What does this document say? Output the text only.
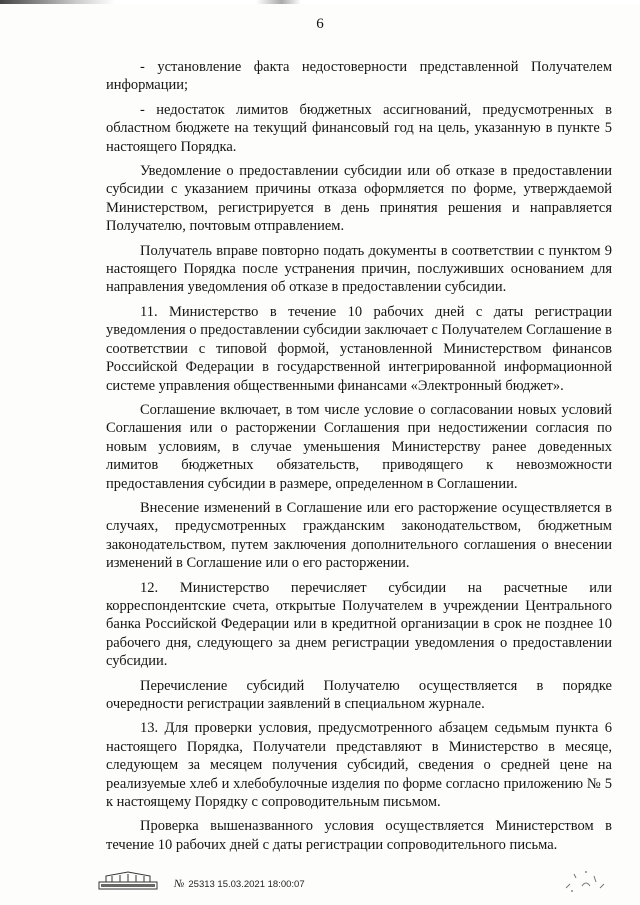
6

- установление факта недостоверности представленной Получателем информации;

- недостаток лимитов бюджетных ассигнований, предусмотренных в областном бюджете на текущий финансовый год на цель, указанную в пункте 5 настоящего Порядка.

Уведомление о предоставлении субсидии или об отказе в предоставлении субсидии с указанием причины отказа оформляется по форме, утверждаемой Министерством, регистрируется в день принятия решения и направляется Получателю, почтовым отправлением.

Получатель вправе повторно подать документы в соответствии с пунктом 9 настоящего Порядка после устранения причин, послуживших основанием для направления уведомления об отказе в предоставлении субсидии.

11. Министерство в течение 10 рабочих дней с даты регистрации уведомления о предоставлении субсидии заключает с Получателем Соглашение в соответствии с типовой формой, установленной Министерством финансов Российской Федерации в государственной интегрированной информационной системе управления общественными финансами «Электронный бюджет».

Соглашение включает, в том числе условие о согласовании новых условий Соглашения или о расторжении Соглашения при недостижении согласия по новым условиям, в случае уменьшения Министерству ранее доведенных лимитов бюджетных обязательств, приводящего к невозможности предоставления субсидии в размере, определенном в Соглашении.

Внесение изменений в Соглашение или его расторжение осуществляется в случаях, предусмотренных гражданским законодательством, бюджетным законодательством, путем заключения дополнительного соглашения о внесении изменений в Соглашение или о его расторжении.

12. Министерство перечисляет субсидии на расчетные или корреспондентские счета, открытые Получателем в учреждении Центрального банка Российской Федерации или в кредитной организации в срок не позднее 10 рабочего дня, следующего за днем регистрации уведомления о предоставлении субсидии.

Перечисление субсидий Получателю осуществляется в порядке очередности регистрации заявлений в специальном журнале.

13. Для проверки условия, предусмотренного абзацем седьмым пункта 6 настоящего Порядка, Получатели представляют в Министерство в месяце, следующем за месяцем получения субсидий, сведения о средней цене на реализуемые хлеб и хлебобулочные изделия по форме согласно приложению № 5 к настоящему Порядку с сопроводительным письмом.

Проверка вышеназванного условия осуществляется Министерством в течение 10 рабочих дней с даты регистрации сопроводительного письма.

№ 25313 15.03.2021 18:00:07
